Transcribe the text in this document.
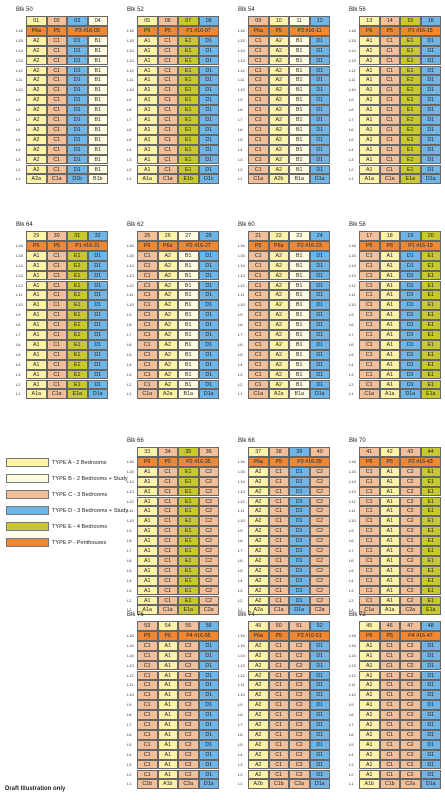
Blk 50
01	02	03	04
L16	P6a	P5	P3 #16-03
L15	A2	C1	D1	B1
L14	A2	C1	D1	B1
L13	A2	C1	D1	B1
L12	A2	C1	D1	B1
L11	A2	C1	D1	B1
L10	A2	C1	D1	B1
L9	A2	C1	D1	B1
L8	A2	C1	D1	B1
L7	A2	C1	D1	B1
L6	A2	C1	D1	B1
L5	A2	C1	D1	B1
L4	A2	C1	D1	B1
L3	A2	C1	D1	B1
L2	A2	C1	D1	B1
L1	A2a	C1a	D1b	B1b
Blk 52
05	06	07	08
L16	P6	P5	P1 #16-07
L15	A1	C1	E1	D1
L14	A1	C1	E1	D1
L13	A1	C1	E1	D1
L12	A1	C1	E1	D1
L11	A1	C1	E1	D1
L10	A1	C1	E1	D1
L9	A1	C1	E1	D1
L8	A1	C1	E1	D1
L7	A1	C1	E1	D1
L6	A1	C1	E1	D1
L5	A1	C1	E1	D1
L4	A1	C1	E1	D1
L3	A1	C1	E1	D1
L2	A1	C1	E1	D1
L1	A1a	C1a	E1b	D1c
Blk 54
09	10	11	12
L16	P6a	P5	P3 #16-11
L15	C1	A2	B1	D1
L14	C1	A2	B1	D1
L13	C1	A2	B1	D1
L12	C1	A2	B1	D1
L11	C1	A2	B1	D1
L10	C1	A2	B1	D1
L9	C1	A2	B1	D1
L8	C1	A2	B1	D1
L7	C1	A2	B1	D1
L6	C1	A2	B1	D1
L5	C1	A2	B1	D1
L4	C1	A2	B1	D1
L3	C1	A2	B1	D1
L2	C1	A2	B1	D1
L1	C1a	A2b	B1a	D1a
Blk 56
13	14	15	16
L16	P6	P5	P1 #16-15
L15	A1	C1	E1	D1
L14	A1	C1	E1	D1
L13	A1	C1	E1	D1
L12	A1	C1	E1	D1
L11	A1	C1	E1	D1
L10	A1	C1	E1	D1
L9	A1	C1	E1	D1
L8	A1	C1	E1	D1
L7	A1	C1	E1	D1
L6	A1	C1	E1	D1
L5	A1	C1	E1	D1
L4	A1	C1	E1	D1
L3	A1	C1	E1	D1
L2	A1	C1	E1	D1
L1	A1a	C1a	E1a	D1a
Blk 64
29	30	31	32
L16	P6	P5	P1 #16-31
L15	A1	C1	E1	D1
L14	A1	C1	E1	D1
L13	A1	C1	E1	D1
L12	A1	C1	E1	D1
L11	A1	C1	E1	D1
L10	A1	C1	E1	D1
L9	A1	C1	E1	D1
L8	A1	C1	E1	D1
L7	A1	C1	E1	D1
L6	A1	C1	E1	D1
L5	A1	C1	E1	D1
L4	A1	C1	E1	D1
L3	A1	C1	E1	D1
L2	A1	C1	E1	D1
L1	A1a	C1a	E1a	D1a
Blk 62
25	26	27	28
L16	P6	P6a	P2 #16-27
L15	C1	A2	B1	D1
L14	C1	A2	B1	D1
L13	C1	A2	B1	D1
L12	C1	A2	B1	D1
L11	C1	A2	B1	D1
L10	C1	A2	B1	D1
L9	C1	A2	B1	D1
L8	C1	A2	B1	D1
L7	C1	A2	B1	D1
L6	C1	A2	B1	D1
L5	C1	A2	B1	D1
L4	C1	A2	B1	D1
L3	C1	A2	B1	D1
L2	C1	A2	B1	D1
L1	C1a	A2a	B1a	D1a
Blk 60
21	22	23	24
L16	P5	P6a	P2 #16-23
L15	C1	A2	B1	D1
L14	C1	A2	B1	D1
L13	C1	A2	B1	D1
L12	C1	A2	B1	D1
L11	C1	A2	B1	D1
L10	C1	A2	B1	D1
L9	C1	A2	B1	D1
L8	C1	A2	B1	D1
L7	C1	A2	B1	D1
L6	C1	A2	B1	D1
L5	C1	A2	B1	D1
L4	C1	A2	B1	D1
L3	C1	A2	B1	D1
L2	C1	A2	B1	D1
L1	C1a	A2a	B1a	D1a
Blk 58
17	18	19	20
L16	P5	P6	P1 #16-19
L15	C1	A1	D1	E1
L14	C1	A1	D1	E1
L13	C1	A1	D1	E1
L12	C1	A1	D1	E1
L11	C1	A1	D1	E1
L10	C1	A1	D1	E1
L9	C1	A1	D1	E1
L8	C1	A1	D1	E1
L7	C1	A1	D1	E1
L6	C1	A1	D1	E1
L5	C1	A1	D1	E1
L4	C1	A1	D1	E1
L3	C1	A1	D1	E1
L2	C1	A1	D1	E1
L1	C1a	A1a	D1a	E1a
Blk 66
33	34	35	36
L16	P6	P5	P2 #16-35
L15	A1	C1	E1	C2
L14	A1	C1	E1	C2
L13	A1	C1	E1	C2
L12	A1	C1	E1	C2
L11	A1	C1	E1	C2
L10	A1	C1	E1	C2
L9	A1	C1	E1	C2
L8	A1	C1	E1	C2
L7	A1	C1	E1	C2
L6	A1	C1	E1	C2
L5	A1	C1	E1	C2
L4	A1	C1	E1	C2
L3	A1	C1	E1	C2
L2	A1	C1	E1	C2
L1	A1a	C1a	E1a	C2a
Blk 68
37	38	39	40
L16	P6a	P5	P3 #16-39
L15	A2	C1	D1	C2
L14	A2	C1	D1	C2
L13	A2	C1	D1	C2
L12	A2	C1	D1	C2
L11	A2	C1	D1	C2
L10	A2	C1	D1	C2
L9	A2	C1	D1	C2
L8	A2	C1	D1	C2
L7	A2	C1	D1	C2
L6	A2	C1	D1	C2
L5	A2	C1	D1	C2
L4	A2	C1	D1	C2
L3	A2	C1	D1	C2
L2	A2	C1	D1	C2
L1	A2a	C1a	D1a	C2a
Blk 70
41	42	43	44
L16	P6	P5	P2 #16-43
L15	C1	A1	C2	E1
L14	C1	A1	C2	E1
L13	C1	A1	C2	E1
L12	C1	A1	C2	E1
L11	C1	A1	C2	E1
L10	C1	A1	C2	E1
L9	C1	A1	C2	E1
L8	C1	A1	C2	E1
L7	C1	A1	C2	E1
L6	C1	A1	C2	E1
L5	C1	A1	C2	E1
L4	C1	A1	C2	E1
L3	C1	A1	C2	E1
L2	C1	A1	C2	E1
L1	C1a	A1a	C2a	E1a
Blk 76
53	54	55	56
L16	P5	P6	P4 #16-55
L15	C1	A1	C2	D1
L14	C1	A1	C2	D1
L13	C1	A1	C2	D1
L12	C1	A1	C2	D1
L11	C1	A1	C2	D1
L10	C1	A1	C2	D1
L9	C1	A1	C2	D1
L8	C1	A1	C2	D1
L7	C1	A1	C2	D1
L6	C1	A1	C2	D1
L5	C1	A1	C2	D1
L4	C1	A1	C2	D1
L3	C1	A1	C2	D1
L2	C1	A1	C2	D1
L1	C1b	A1b	C2a	D1a
Blk 74
49	50	51	52
L16	P6a	P5	P3 #16-51
L15	A2	C1	C2	D1
L14	A2	C1	C2	D1
L13	A2	C1	C2	D1
L12	A2	C1	C2	D1
L11	A2	C1	C2	D1
L10	A2	C1	C2	D1
L9	A2	C1	C2	D1
L8	A2	C1	C2	D1
L7	A2	C1	C2	D1
L6	A2	C1	C2	D1
L5	A2	C1	C2	D1
L4	A2	C1	C2	D1
L3	A2	C1	C2	D1
L2	A2	C1	C2	D1
L1	A2b	C1b	C2a	D1a
Blk 72
45	46	47	48
L16	P6	P5	P4 #16-47
L15	A1	C1	C2	D1
L14	A1	C1	C2	D1
L13	A1	C1	C2	D1
L12	A1	C1	C2	D1
L11	A1	C1	C2	D1
L10	A1	C1	C2	D1
L9	A1	C1	C2	D1
L8	A1	C1	C2	D1
L7	A1	C1	C2	D1
L6	A1	C1	C2	D1
L5	A1	C1	C2	D1
L4	A1	C1	C2	D1
L3	A1	C1	C2	D1
L2	A1	C1	C2	D1
L1	A1b	C1b	C2a	D1a
TYPE A - 2 Bedrooms
TYPE B - 2 Bedrooms + Study
TYPE C - 3 Bedrooms
TYPE D - 3 Bedrooms + Study
TYPE E - 4 Bedrooms
TYPE P - Penthouses
Draft Illustration only
